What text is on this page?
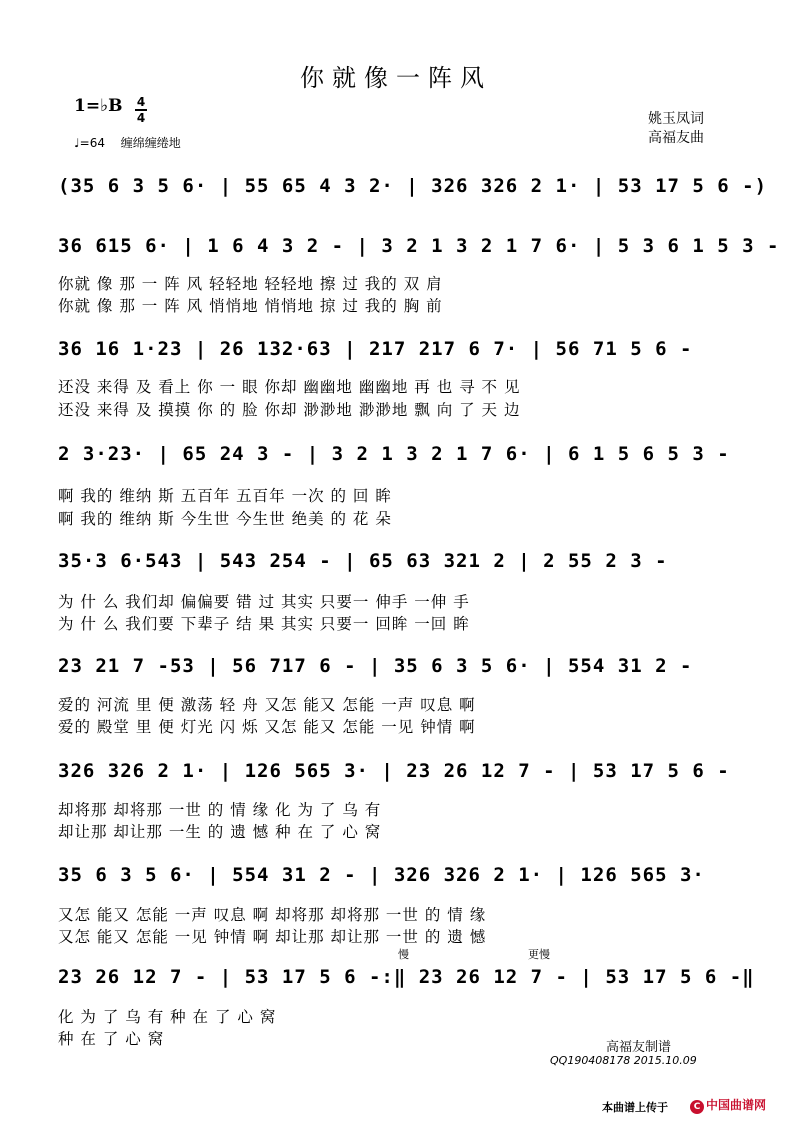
你就像一阵风
1=♭B 4
4
♩=64　 缠绵缠绻地
姚玉凤词
高福友曲
(35 6 3 5 6· | 55 65 4 3 2· | 326 326 2 1· | 53 17 5 6 -)
36 615 6· | 1 6 4 3 2 - | 3 2 1 3 2 1 7 6· | 5 3 6 1 5 3 -
你就 像 那 一 阵 风 轻轻地 轻轻地 擦 过 我的 双 肩
你就 像 那 一 阵 风 悄悄地 悄悄地 掠 过 我的 胸 前
36 16 1·23 | 26 132·63 | 217 217 6 7· | 56 71 5 6 -
还没 来得 及 看上 你 一 眼 你却 幽幽地 幽幽地 再 也 寻 不 见
还没 来得 及 摸摸 你 的 脸 你却 渺渺地 渺渺地 飘 向 了 天 边
2 3·23· | 65 24 3 - | 3 2 1 3 2 1 7 6· | 6 1 5 6 5 3 -
啊 我的 维纳 斯 五百年 五百年 一次 的 回 眸
啊 我的 维纳 斯 今生世 今生世 绝美 的 花 朵
35·3 6·543 | 543 254 - | 65 63 321 2 | 2 55 2 3 -
为 什 么 我们却 偏偏要 错 过 其实 只要一 伸手 一伸 手
为 什 么 我们要 下辈子 结 果 其实 只要一 回眸 一回 眸
23 21 7 -53 | 56 717 6 - | 35 6 3 5 6· | 554 31 2 -
爱的 河流 里 便 激荡 轻 舟 又怎 能又 怎能 一声 叹息 啊
爱的 殿堂 里 便 灯光 闪 烁 又怎 能又 怎能 一见 钟情 啊
326 326 2 1· | 126 565 3· | 23 26 12 7 - | 53 17 5 6 -
却将那 却将那 一世 的 情 缘 化 为 了 乌 有
却让那 却让那 一生 的 遗 憾 种 在 了 心 窝
35 6 3 5 6· | 554 31 2 - | 326 326 2 1· | 126 565 3·
又怎 能又 怎能 一声 叹息 啊 却将那 却将那 一世 的 情 缘
又怎 能又 怎能 一见 钟情 啊 却让那 却让那 一世 的 遗 憾
慢	更慢
23 26 12 7 - | 53 17 5 6 -:‖ 23 26 12 7 - | 53 17 5 6 -‖
化 为 了 乌 有 种 在 了 心 窝
种 在 了 心 窝	高福友制谱
QQ190408178 2015.10.09
本曲谱上传于	C 中国曲谱网
